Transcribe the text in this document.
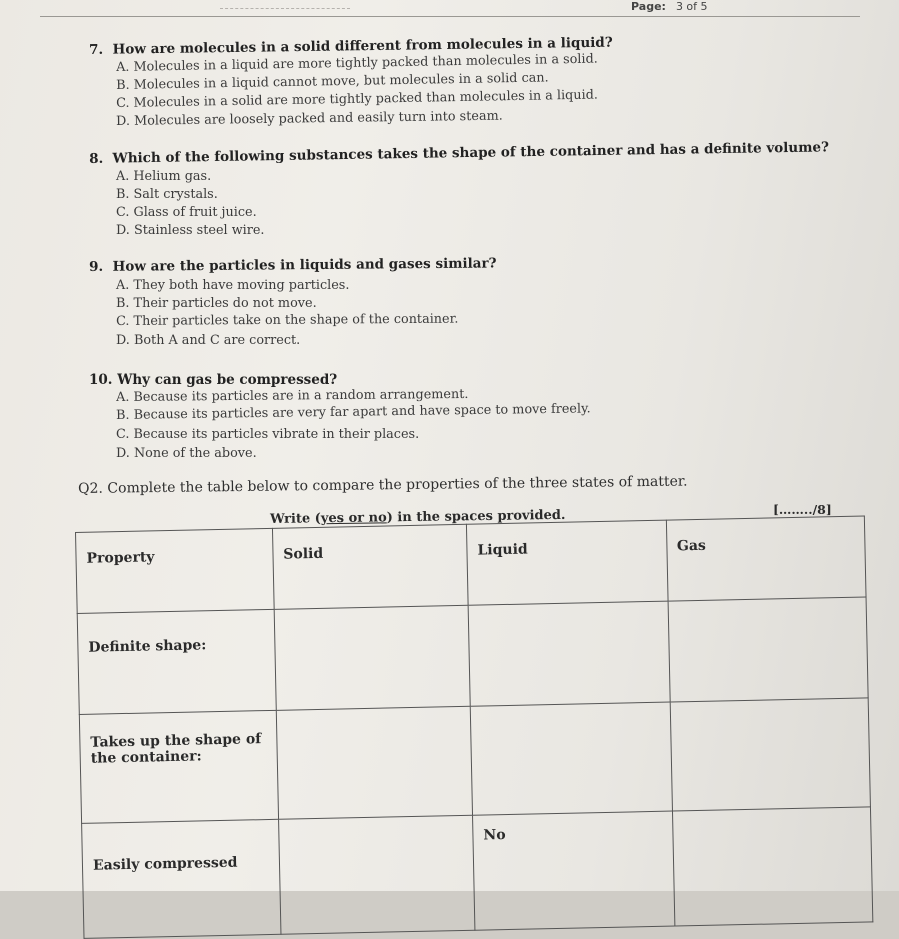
Page: 3 of 5
7. How are molecules in a solid different from molecules in a liquid?
A. Molecules in a liquid are more tightly packed than molecules in a solid.
B. Molecules in a liquid cannot move, but molecules in a solid can.
C. Molecules in a solid are more tightly packed than molecules in a liquid.
D. Molecules are loosely packed and easily turn into steam.
8. Which of the following substances takes the shape of the container and has a definite volume?
A. Helium gas.
B. Salt crystals.
C. Glass of fruit juice.
D. Stainless steel wire.
9. How are the particles in liquids and gases similar?
A. They both have moving particles.
B. Their particles do not move.
C. Their particles take on the shape of the container.
D. Both A and C are correct.
10. Why can gas be compressed?
A. Because its particles are in a random arrangement.
B. Because its particles are very far apart and have space to move freely.
C. Because its particles vibrate in their places.
D. None of the above.
Q2. Complete the table below to compare the properties of the three states of matter.
[……../8]
Write (yes or no) in the spaces provided.
Property	Solid	Liquid	Gas
Definite shape:			
Takes up the shape of the container:			
Easily compressed		No	
